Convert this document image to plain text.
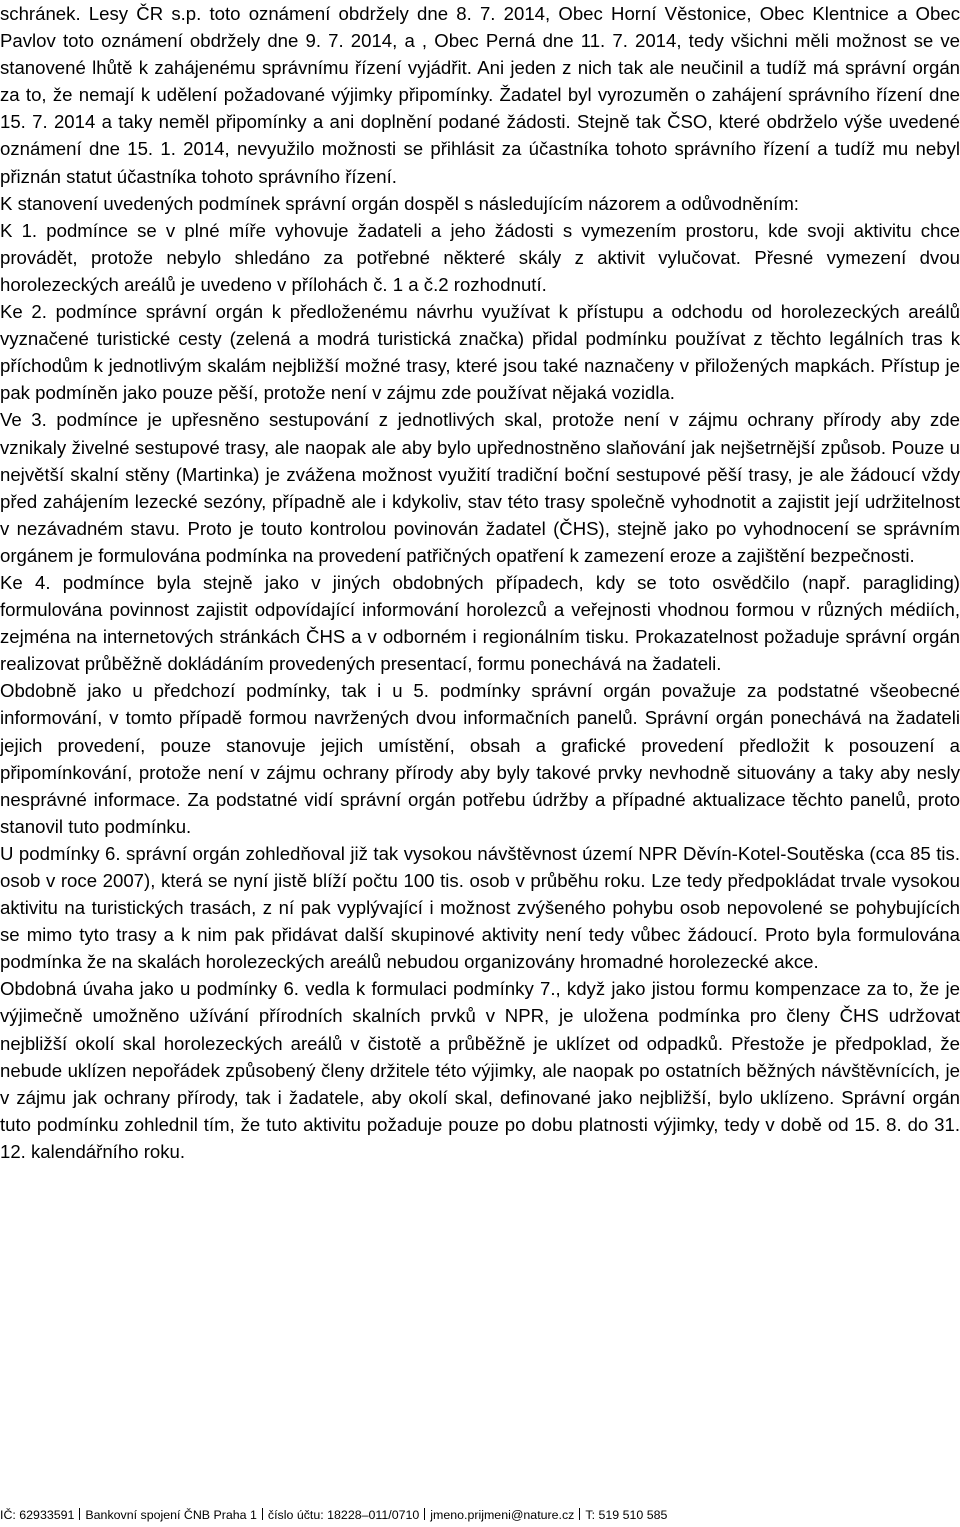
schránek. Lesy ČR s.p. toto oznámení obdržely dne 8. 7. 2014, Obec Horní Věstonice, Obec Klentnice a Obec Pavlov toto oznámení obdržely dne 9. 7. 2014, a , Obec Perná dne 11. 7. 2014, tedy všichni měli možnost se ve stanovené lhůtě k zahájenému správnímu řízení vyjádřit. Ani jeden z nich tak ale neučinil a tudíž má správní orgán za to, že nemají k udělení požadované výjimky připomínky. Žadatel byl vyrozuměn o zahájení správního řízení dne 15. 7. 2014 a taky neměl připomínky a ani doplnění podané žádosti. Stejně tak ČSO, které obdrželo výše uvedené oznámení dne 15. 1. 2014, nevyužilo možnosti se přihlásit za účastníka tohoto správního řízení a tudíž mu nebyl přiznán statut účastníka tohoto správního řízení.

K stanovení uvedených podmínek správní orgán dospěl s následujícím názorem a odůvodněním:

K 1. podmínce se v plné míře vyhovuje žadateli a jeho žádosti s vymezením prostoru, kde svoji aktivitu chce provádět, protože nebylo shledáno za potřebné některé skály z aktivit vylučovat. Přesné vymezení dvou horolezeckých areálů je uvedeno v přílohách č. 1 a č.2 rozhodnutí.

Ke 2. podmínce správní orgán k předloženému návrhu využívat k přístupu a odchodu od horolezeckých areálů vyznačené turistické cesty (zelená a modrá turistická značka) přidal podmínku používat z těchto legálních tras k příchodům k jednotlivým skalám nejbližší možné trasy, které jsou také naznačeny v přiložených mapkách. Přístup je pak podmíněn jako pouze pěší, protože není v zájmu zde používat nějaká vozidla.

Ve 3. podmínce je upřesněno sestupování z jednotlivých skal, protože není v zájmu ochrany přírody aby zde vznikaly živelné sestupové trasy, ale naopak ale aby bylo upřednostněno slaňování jak nejšetrnější způsob. Pouze u největší skalní stěny (Martinka) je zvážena možnost využití tradiční boční sestupové pěší trasy, je ale žádoucí vždy před zahájením lezecké sezóny, případně ale i kdykoliv, stav této trasy společně vyhodnotit a zajistit její udržitelnost v nezávadném stavu. Proto je touto kontrolou povinován žadatel (ČHS), stejně jako po vyhodnocení se správním orgánem je formulována podmínka na provedení patřičných opatření k zamezení eroze a zajištění bezpečnosti.

Ke 4. podmínce byla stejně jako v jiných obdobných případech, kdy se toto osvědčilo (např. paragliding) formulována povinnost zajistit odpovídající informování horolezců a veřejnosti vhodnou formou v různých médiích, zejména na internetových stránkách ČHS a v odborném i regionálním tisku. Prokazatelnost požaduje správní orgán realizovat průběžně dokládáním provedených presentací, formu ponechává na žadateli.

Obdobně jako u předchozí podmínky, tak i u 5. podmínky správní orgán považuje za podstatné všeobecné informování, v tomto případě formou navržených dvou informačních panelů. Správní orgán ponechává na žadateli jejich provedení, pouze stanovuje jejich umístění, obsah a grafické provedení předložit k posouzení a připomínkování, protože není v zájmu ochrany přírody aby byly takové prvky nevhodně situovány a taky aby nesly nesprávné informace. Za podstatné vidí správní orgán potřebu údržby a případné aktualizace těchto panelů, proto stanovil tuto podmínku.

U podmínky 6. správní orgán zohledňoval již tak vysokou návštěvnost území NPR Děvín-Kotel-Soutěska (cca 85 tis. osob v roce 2007), která se nyní jistě blíží počtu 100 tis. osob v průběhu roku. Lze tedy předpokládat trvale vysokou aktivitu na turistických trasách, z ní pak vyplývající i možnost zvýšeného pohybu osob nepovolené se pohybujících se mimo tyto trasy a k nim pak přidávat další skupinové aktivity není tedy vůbec žádoucí. Proto byla formulována podmínka že na skalách horolezeckých areálů nebudou organizovány hromadné horolezecké akce.

Obdobná úvaha jako u podmínky 6. vedla k formulaci podmínky 7., když jako jistou formu kompenzace za to, že je výjimečně umožněno užívání přírodních skalních prvků v NPR, je uložena podmínka pro členy ČHS udržovat nejbližší okolí skal horolezeckých areálů v čistotě a průběžně je uklízet od odpadků. Přestože je předpoklad, že nebude uklízen nepořádek způsobený členy držitele této výjimky, ale naopak po ostatních běžných návštěvnících, je v zájmu jak ochrany přírody, tak i žadatele, aby okolí skal, definované jako nejbližší, bylo uklízeno. Správní orgán tuto podmínku zohlednil tím, že tuto aktivitu požaduje pouze po dobu platnosti výjimky, tedy v době od 15. 8. do 31. 12. kalendářního roku.

IČ: 62933591 Bankovní spojení ČNB Praha 1 číslo účtu: 18228–011/0710 jmeno.prijmeni@nature.cz T: 519 510 585
